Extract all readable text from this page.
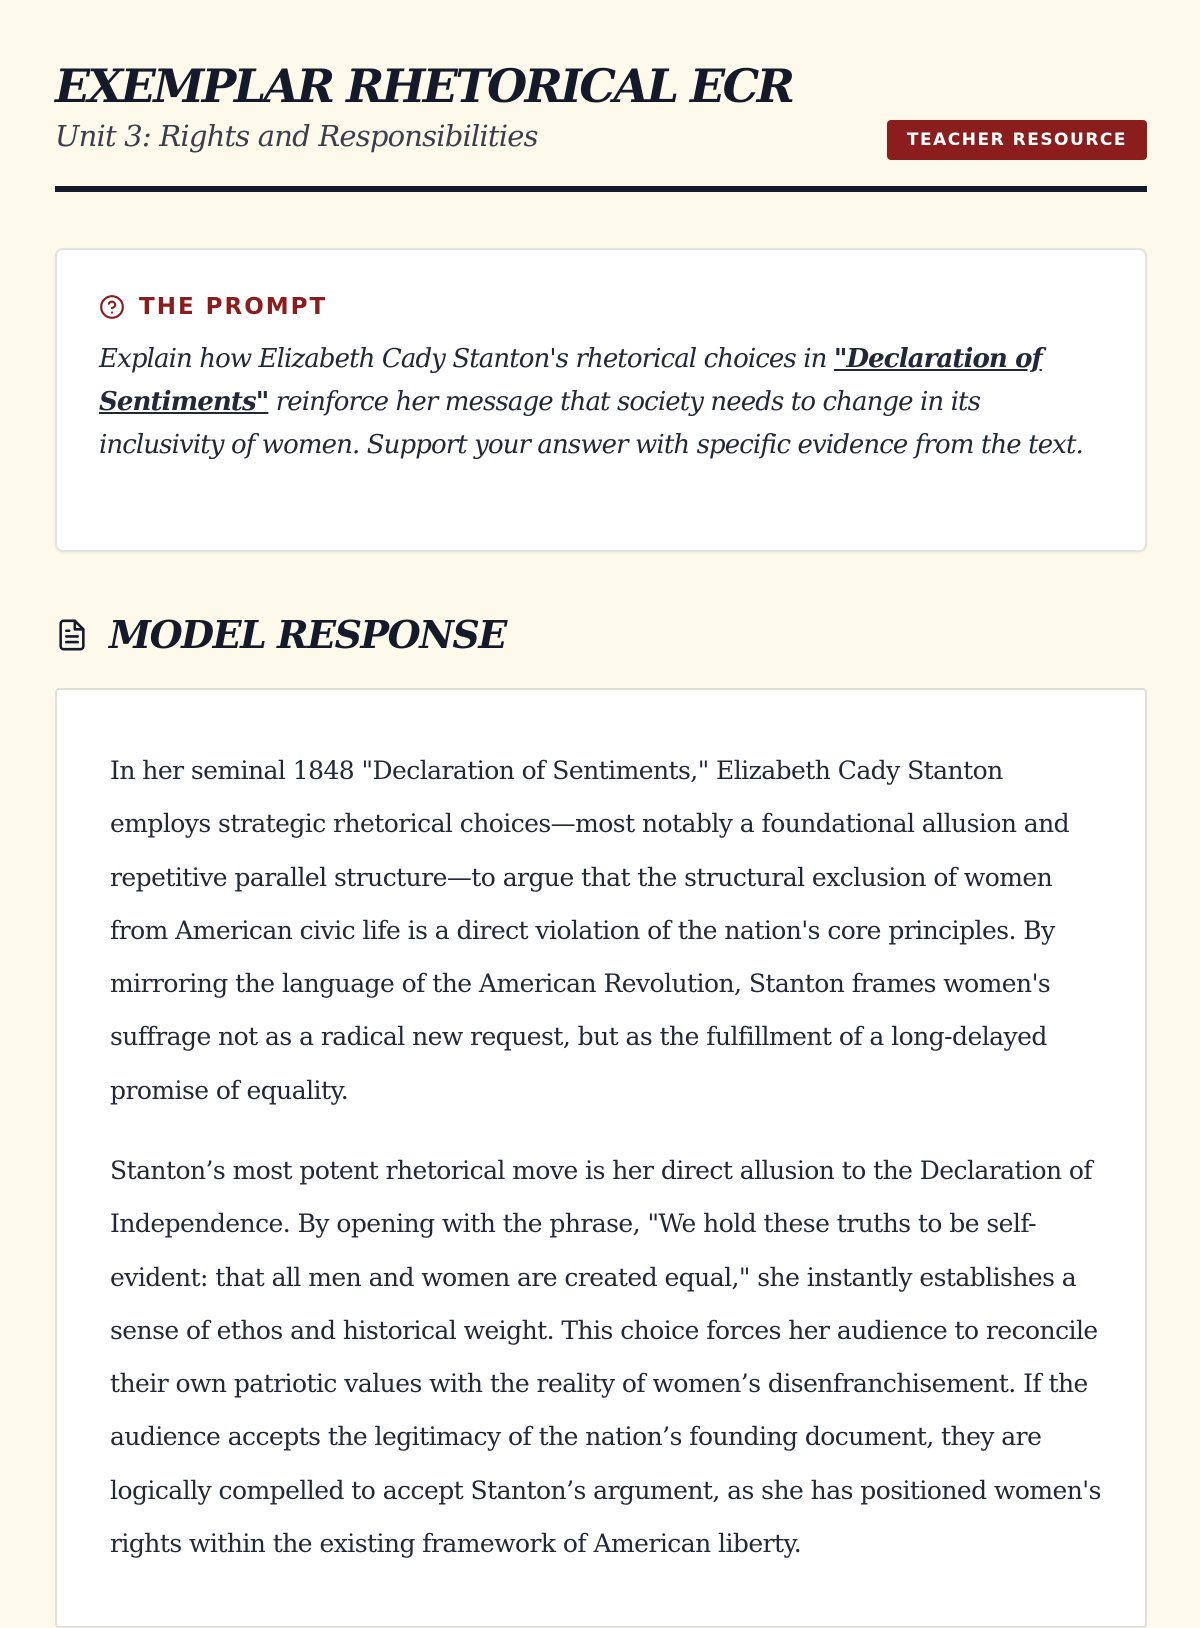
EXEMPLAR RHETORICAL ECR
Unit 3: Rights and Responsibilities	TEACHER RESOURCE
THE PROMPT

Explain how Elizabeth Cady Stanton's rhetorical choices in "Declaration of Sentiments" reinforce her message that society needs to change in its inclusivity of women. Support your answer with specific evidence from the text.

MODEL RESPONSE

In her seminal 1848 "Declaration of Sentiments," Elizabeth Cady Stanton employs strategic rhetorical choices—most notably a foundational allusion and repetitive parallel structure—to argue that the structural exclusion of women from American civic life is a direct violation of the nation's core principles. By mirroring the language of the American Revolution, Stanton frames women's suffrage not as a radical new request, but as the fulfillment of a long-delayed promise of equality.

Stanton’s most potent rhetorical move is her direct allusion to the Declaration of Independence. By opening with the phrase, "We hold these truths to be self-evident: that all men and women are created equal," she instantly establishes a sense of ethos and historical weight. This choice forces her audience to reconcile their own patriotic values with the reality of women’s disenfranchisement. If the audience accepts the legitimacy of the nation’s founding document, they are logically compelled to accept Stanton’s argument, as she has positioned women's rights within the existing framework of American liberty.
